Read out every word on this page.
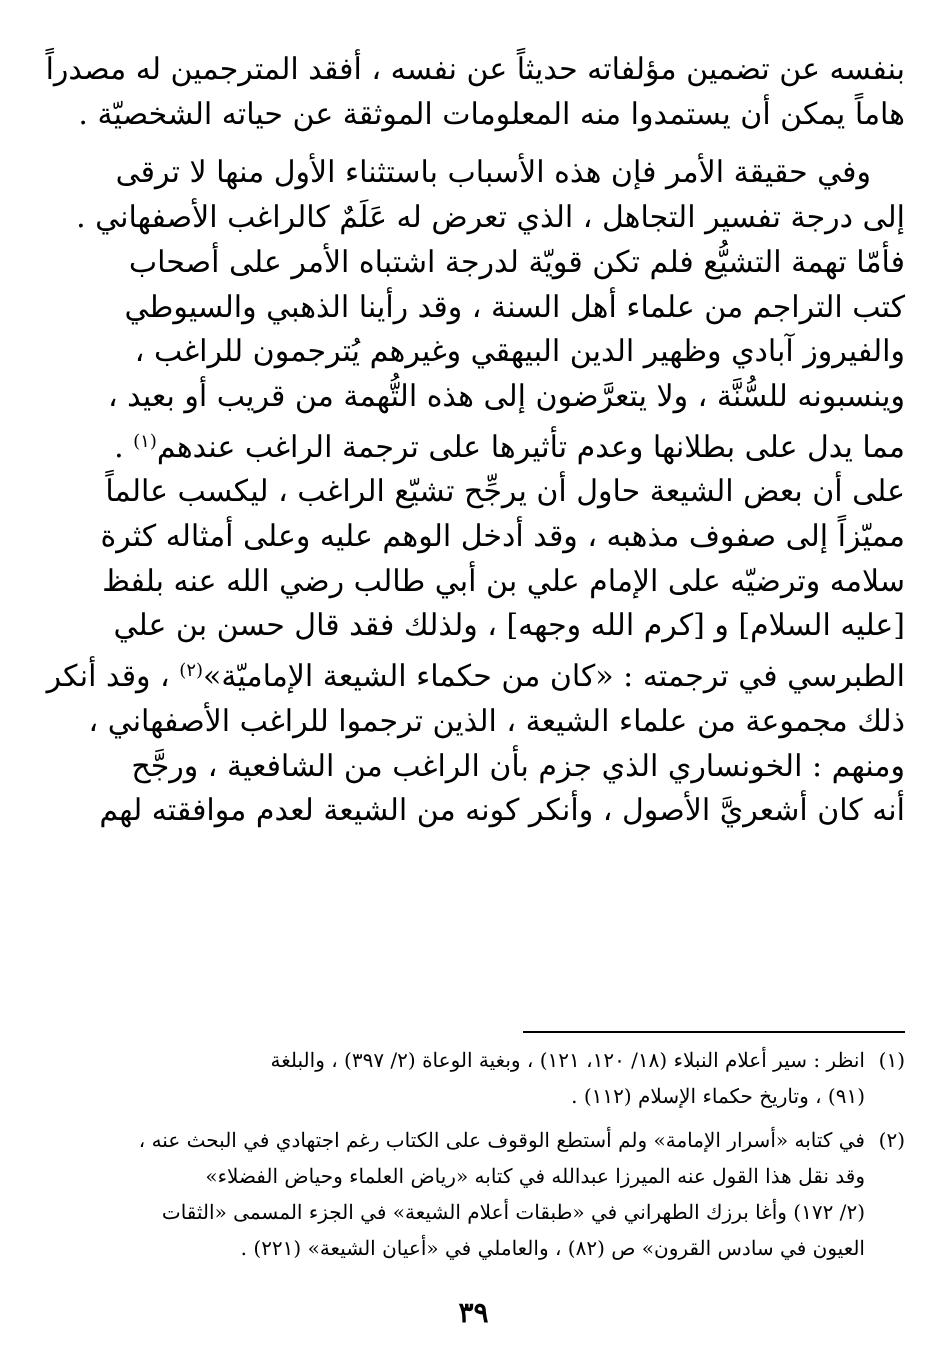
بنفسه عن تضمين مؤلفاته حديثاً عن نفسه ، أفقد المترجمين له مصدراً
هاماً يمكن أن يستمدوا منه المعلومات الموثقة عن حياته الشخصيّة .

وفي حقيقة الأمر فإن هذه الأسباب باستثناء الأول منها لا ترقى
إلى درجة تفسير التجاهل ، الذي تعرض له عَلَمٌ كالراغب الأصفهاني .
فأمّا تهمة التشيُّع فلم تكن قويّة لدرجة اشتباه الأمر على أصحاب
كتب التراجم من علماء أهل السنة ، وقد رأينا الذهبي والسيوطي
والفيروز آبادي وظهير الدين البيهقي وغيرهم يُترجمون للراغب ،
وينسبونه للسُّنَّة ، ولا يتعرَّضون إلى هذه التُّهمة من قريب أو بعيد ،
مما يدل على بطلانها وعدم تأثيرها على ترجمة الراغب عندهم$^{(١)}$ .
على أن بعض الشيعة حاول أن يرجِّح تشيّع الراغب ، ليكسب عالماً
مميّزاً إلى صفوف مذهبه ، وقد أدخل الوهم عليه وعلى أمثاله كثرة
سلامه وترضيّه على الإمام علي بن أبي طالب رضي الله عنه بلفظ
[عليه السلام] و [كرم الله وجهه] ، ولذلك فقد قال حسن بن علي
الطبرسي في ترجمته : «كان من حكماء الشيعة الإماميّة»$^{(٢)}$ ، وقد أنكر
ذلك مجموعة من علماء الشيعة ، الذين ترجموا للراغب الأصفهاني ،
ومنهم : الخونساري الذي جزم بأن الراغب من الشافعية ، ورجَّح
أنه كان أشعريَّ الأصول ، وأنكر كونه من الشيعة لعدم موافقته لهم

(١)
انظر : سير أعلام النبلاء (١٨/ ١٢٠، ١٢١) ، وبغية الوعاة (٢/ ٣٩٧) ، والبلغة
(٩١) ، وتاريخ حكماء الإسلام (١١٢) .
(٢)
في كتابه «أسرار الإمامة» ولم أستطع الوقوف على الكتاب رغم اجتهادي في البحث عنه ،
وقد نقل هذا القول عنه الميرزا عبدالله في كتابه «رياض العلماء وحياض الفضلاء»
(٢/ ١٧٢) وأغا برزك الطهراني في «طبقات أعلام الشيعة» في الجزء المسمى «الثقات
العيون في سادس القرون» ص (٨٢) ، والعاملي في «أعيان الشيعة» (٢٢١) .
٣٩
